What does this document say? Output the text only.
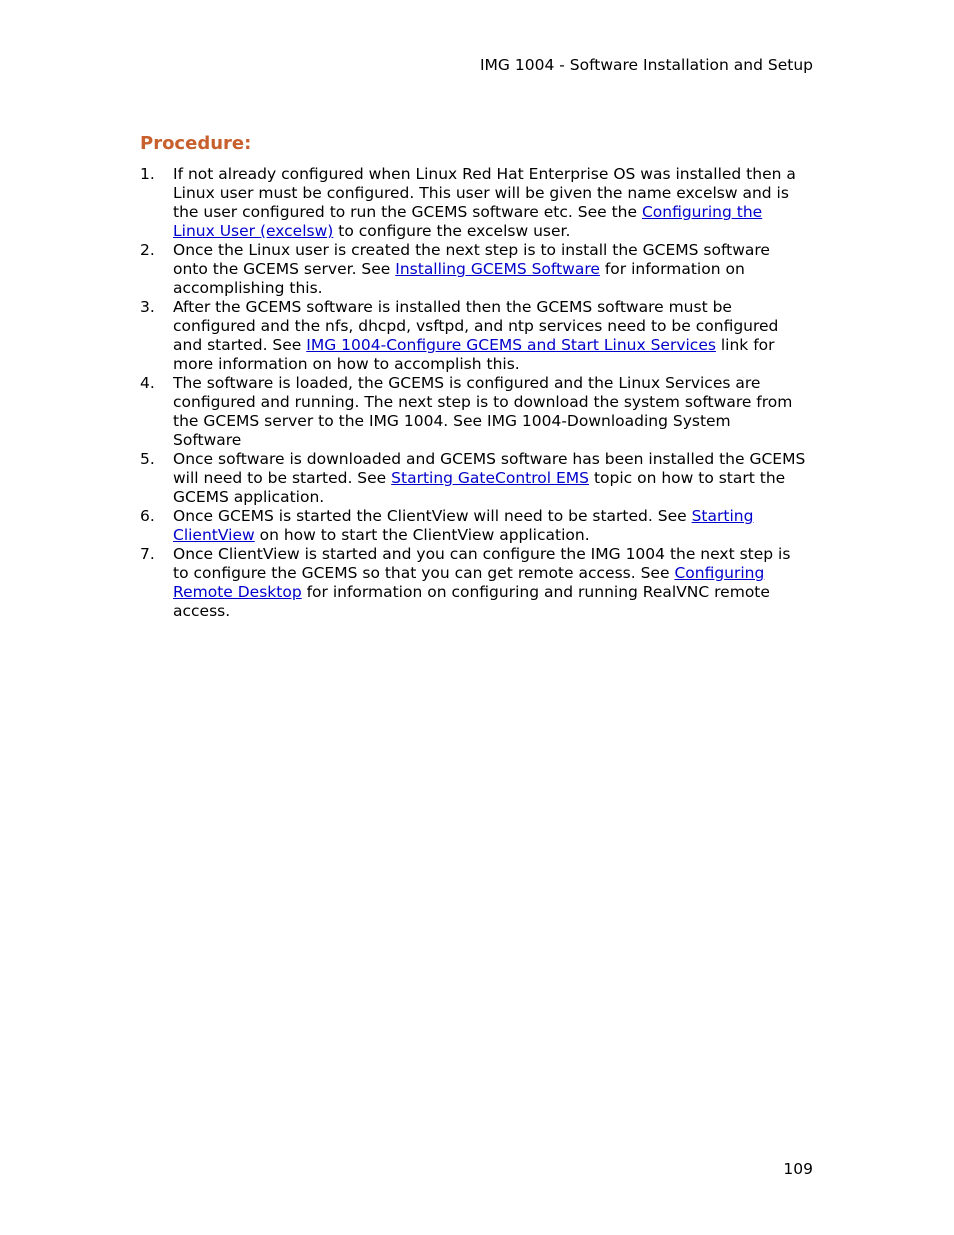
IMG 1004 - Software Installation and Setup
Procedure:
1.	If not already configured when Linux Red Hat Enterprise OS was installed then a
Linux user must be configured. This user will be given the name excelsw and is
the user configured to run the GCEMS software etc. See the Configuring the
Linux User (excelsw) to configure the excelsw user.
2.	Once the Linux user is created the next step is to install the GCEMS software
onto the GCEMS server. See Installing GCEMS Software for information on
accomplishing this.
3.	After the GCEMS software is installed then the GCEMS software must be
configured and the nfs, dhcpd, vsftpd, and ntp services need to be configured
and started. See IMG 1004-Configure GCEMS and Start Linux Services link for
more information on how to accomplish this.
4.	The software is loaded, the GCEMS is configured and the Linux Services are
configured and running. The next step is to download the system software from
the GCEMS server to the IMG 1004. See IMG 1004-Downloading System
Software
5.	Once software is downloaded and GCEMS software has been installed the GCEMS
will need to be started. See Starting GateControl EMS topic on how to start the
GCEMS application.
6.	Once GCEMS is started the ClientView will need to be started. See Starting
ClientView on how to start the ClientView application.
7.	Once ClientView is started and you can configure the IMG 1004 the next step is
to configure the GCEMS so that you can get remote access. See Configuring
Remote Desktop for information on configuring and running RealVNC remote
access.
109
